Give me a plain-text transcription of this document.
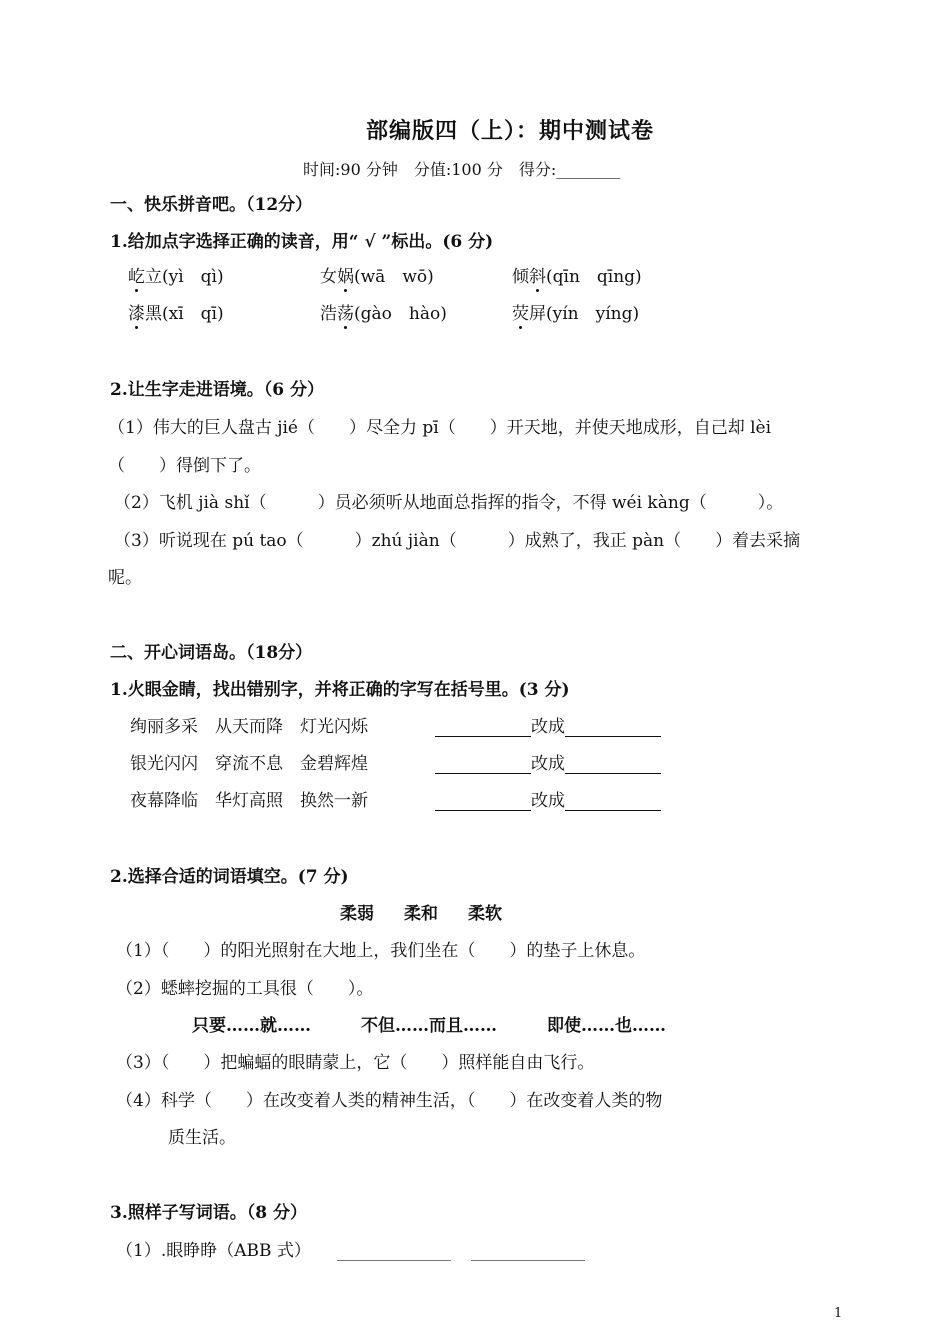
部编版四（上）：期中测试卷
时间:90 分钟　分值:100 分　得分:________
一、快乐拼音吧。（12分）
1.给加点字选择正确的读音，用“ √ ”标出。(6 分)
屹立(yì　qì)	女娲(wā　wō)	倾斜(qīn　qīng)
漆黑(xī　qī)	浩荡(gào　hào)	荧屏(yín　yíng)
2.让生字走进语境。（6 分）
（1）伟大的巨人盘古 jié（　　）尽全力 pī（　　）开天地，并使天地成形，自己却 lèi
（　　）得倒下了。
（2）飞机 jià shǐ（　　　）员必须听从地面总指挥的指令，不得 wéi kàng（　　　）。
（3）听说现在 pú tao（　　　）zhú jiàn（　　　）成熟了，我正 pàn（　　）着去采摘
呢。
二、开心词语岛。（18分）
1.火眼金睛，找出错别字，并将正确的字写在括号里。(3 分)
绚丽多采 从天而降 灯光闪烁	改成
银光闪闪 穿流不息 金碧辉煌	改成
夜幕降临 华灯高照 换然一新	改成
2.选择合适的词语填空。(7 分)
柔弱 柔和 柔软
（1）（　　）的阳光照射在大地上，我们坐在（　　）的垫子上休息。
（2）蟋蟀挖掘的工具很（　　）。
只要……就……	不但……而且……	即使……也……
（3）（　　）把蝙蝠的眼睛蒙上，它（　　）照样能自由飞行。
（4）科学（　　）在改变着人类的精神生活，（　　）在改变着人类的物
质生活。
3.照样子写词语。（8 分）
（1）.眼睁睁（ABB 式）
1
